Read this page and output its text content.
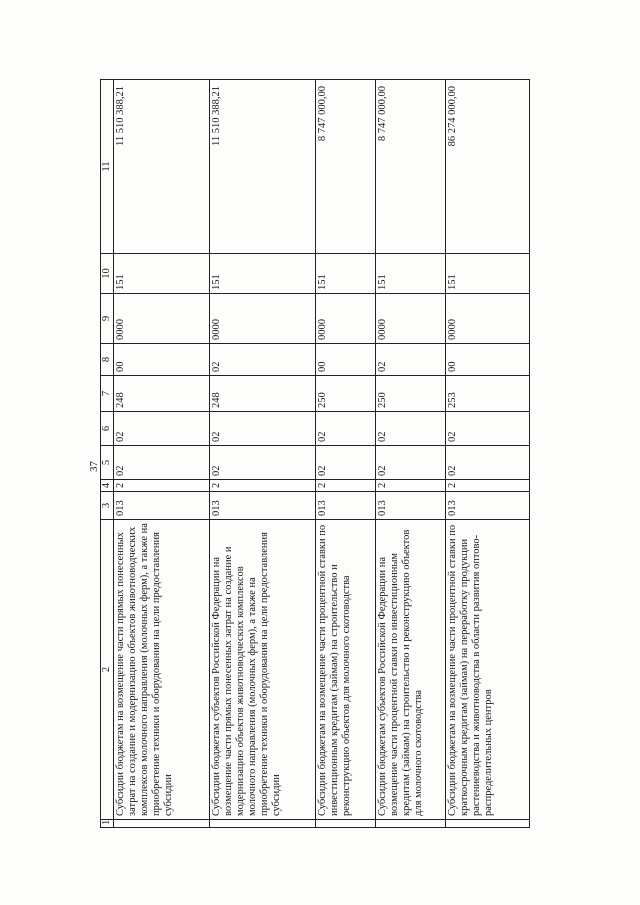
37
1	2	3	4	5	6	7	8	9	10	11
	Субсидии бюджетам на возмещение части прямых понесенных затрат на создание и модернизацию объектов животноводческих комплексов молочного направления (молочных ферм), а также на приобретение техники и оборудования на цели предоставления субсидии	013	2	02	02	248	00	0000	151	11 510 388,21
	Субсидии бюджетам субъектов Российской Федерации на возмещение части прямых понесенных затрат на создание и модернизацию объектов животноводческих комплексов молочного направления (молочных ферм), а также на приобретение техники и оборудования на цели предоставления субсидии	013	2	02	02	248	02	0000	151	11 510 388,21
	Субсидии бюджетам на возмещение части процентной ставки по инвестиционным кредитам (займам) на строительство и реконструкцию объектов для молочного скотоводства	013	2	02	02	250	00	0000	151	8 747 000,00
	Субсидии бюджетам субъектов Российской Федерации на возмещение части процентной ставки по инвестиционным кредитам (займам) на строительство и реконструкцию объектов для молочного скотоводства	013	2	02	02	250	02	0000	151	8 747 000,00
	Субсидии бюджетам на возмещение части процентной ставки по краткосрочным кредитам (займам) на переработку продукции растениеводства и животноводства в области развития оптово-распределительных центров	013	2	02	02	253	00	0000	151	86 274 000,00
